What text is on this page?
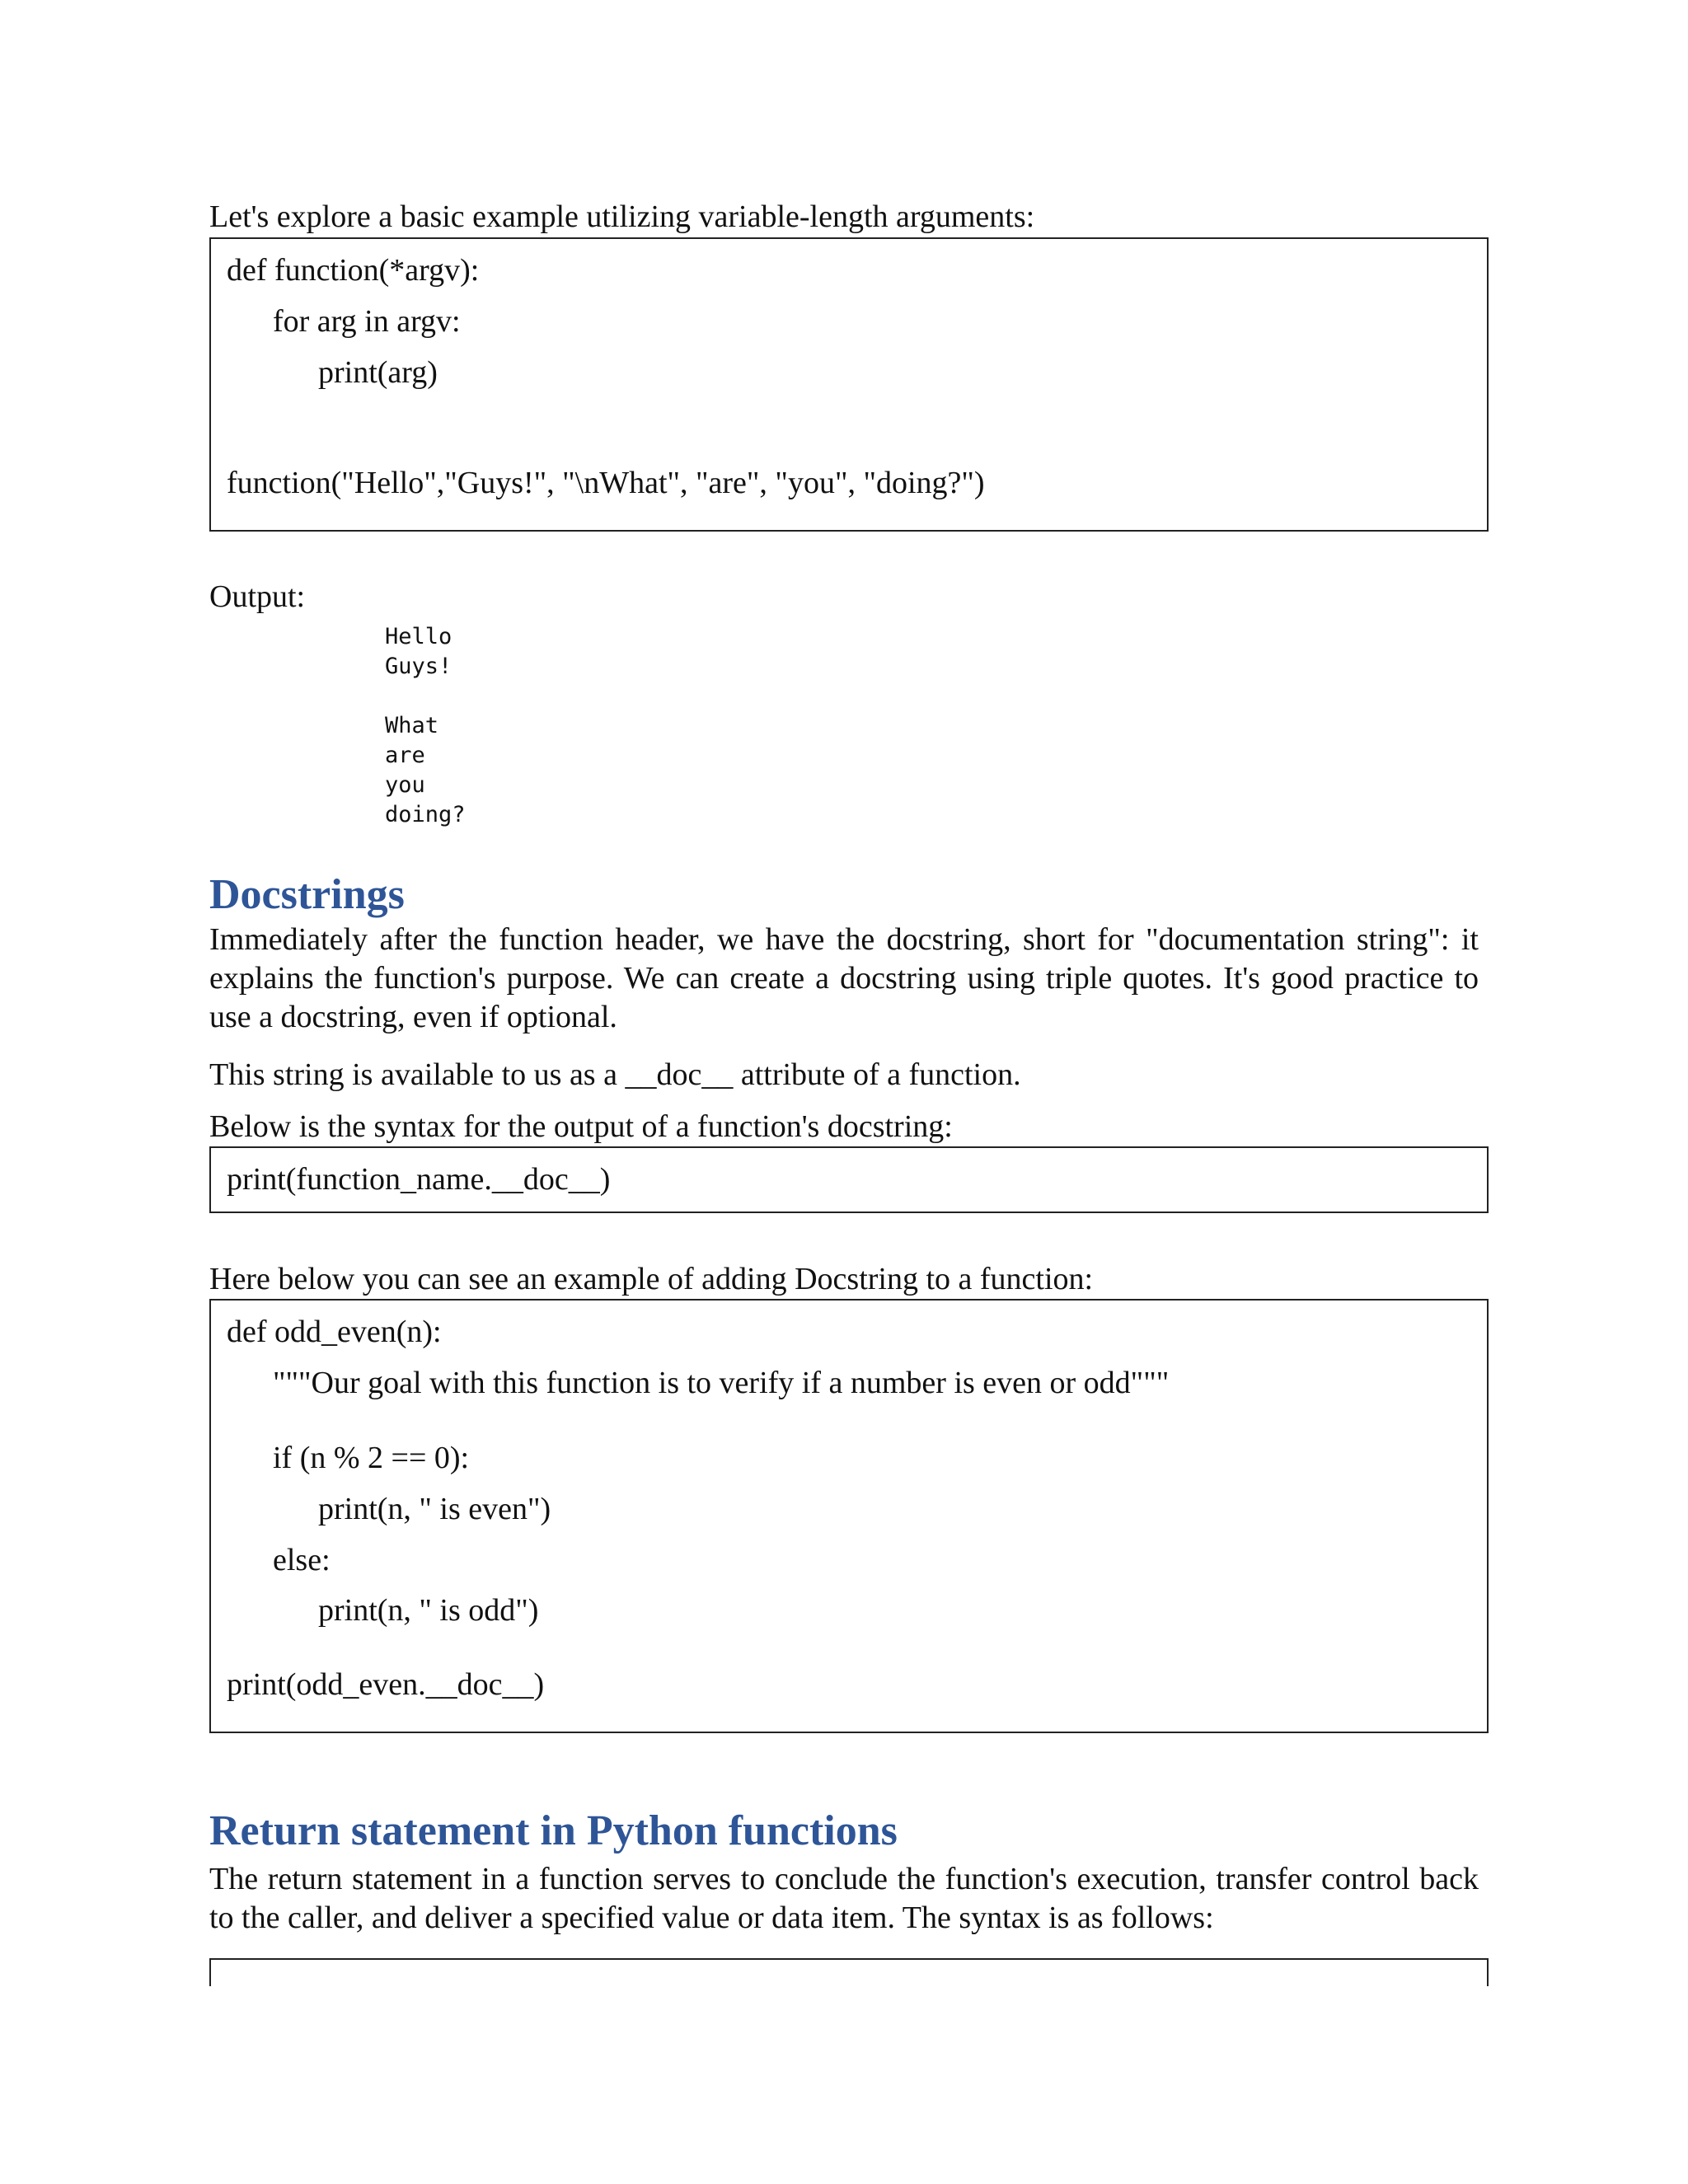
Let's explore a basic example utilizing variable-length arguments:

def function(*argv):
for arg in argv:
print(arg)
function("Hello","Guys!", "\nWhat", "are", "you", "doing?")

Output:

Hello
Guys!
What
are
you
doing?
Docstrings

Immediately after the function header, we have the docstring, short for "documentation string": it explains the function's purpose. We can create a docstring using triple quotes. It's good practice to use a docstring, even if optional.

This string is available to us as a __doc__ attribute of a function.

Below is the syntax for the output of a function's docstring:

print(function_name.__doc__)

Here below you can see an example of adding Docstring to a function:

def odd_even(n):
"""Our goal with this function is to verify if a number is even or odd"""
if (n % 2 == 0):
print(n, " is even")
else:
print(n, " is odd")
print(odd_even.__doc__)
Return statement in Python functions

The return statement in a function serves to conclude the function's execution, transfer control back to the caller, and deliver a specified value or data item. The syntax is as follows:
